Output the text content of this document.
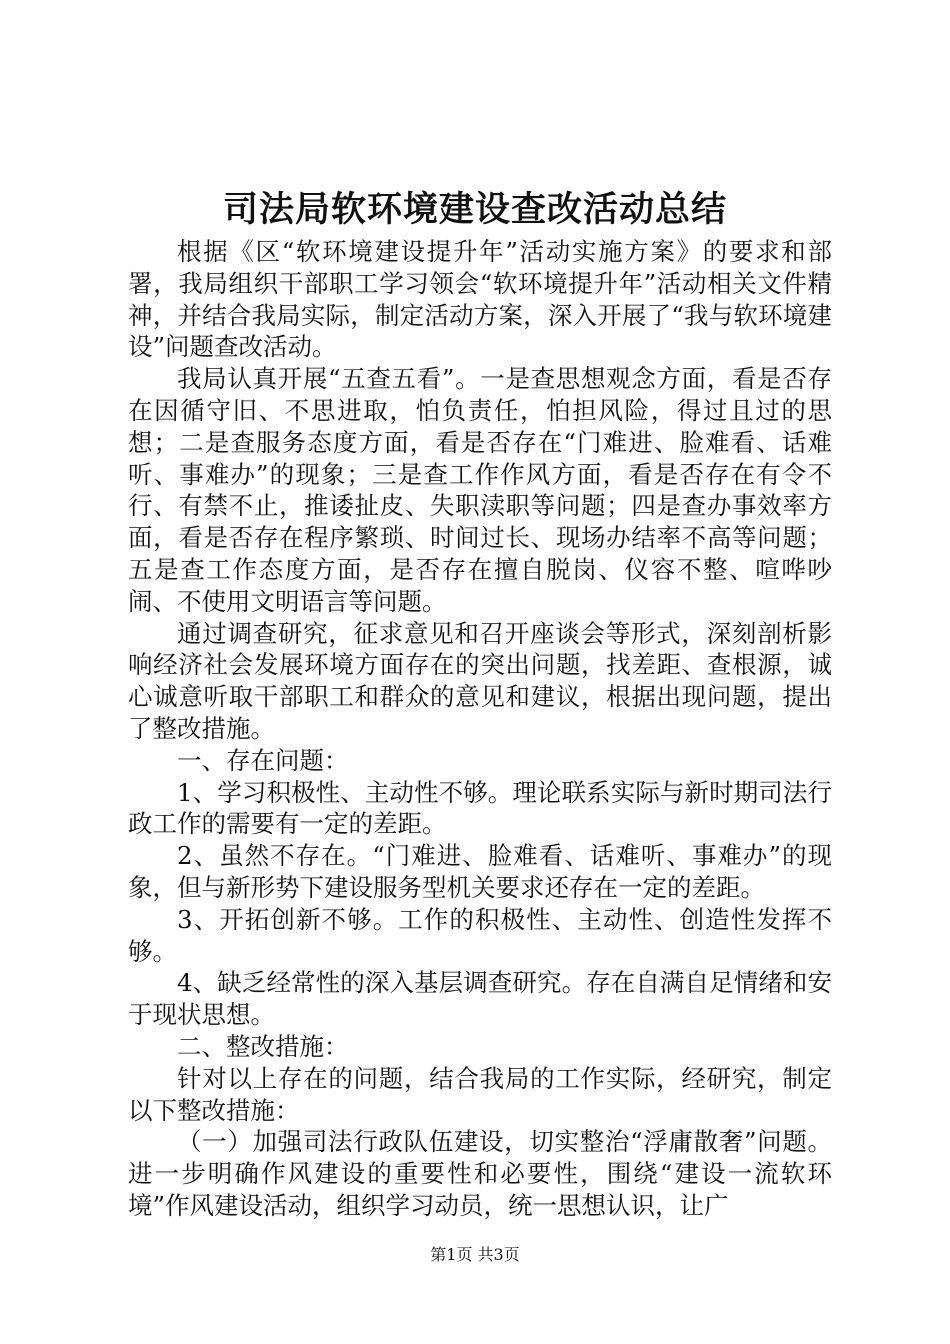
司法局软环境建设查改活动总结

根据《区“软环境建设提升年”活动实施方案》的要求和部署，我局组织干部职工学习领会“软环境提升年”活动相关文件精神，并结合我局实际，制定活动方案，深入开展了“我与软环境建设”问题查改活动。

我局认真开展“五查五看”。一是查思想观念方面，看是否存在因循守旧、不思进取，怕负责任，怕担风险，得过且过的思想；二是查服务态度方面，看是否存在“门难进、脸难看、话难听、事难办”的现象；三是查工作作风方面，看是否存在有令不行、有禁不止，推诿扯皮、失职渎职等问题；四是查办事效率方面，看是否存在程序繁琐、时间过长、现场办结率不高等问题；五是查工作态度方面，是否存在擅自脱岗、仪容不整、喧哗吵闹、不使用文明语言等问题。

通过调查研究，征求意见和召开座谈会等形式，深刻剖析影响经济社会发展环境方面存在的突出问题，找差距、查根源，诚心诚意听取干部职工和群众的意见和建议，根据出现问题，提出了整改措施。

一、存在问题：

1、学习积极性、主动性不够。理论联系实际与新时期司法行政工作的需要有一定的差距。

2、虽然不存在。“门难进、脸难看、话难听、事难办”的现象，但与新形势下建设服务型机关要求还存在一定的差距。

3、开拓创新不够。工作的积极性、主动性、创造性发挥不够。

4、缺乏经常性的深入基层调查研究。存在自满自足情绪和安于现状思想。

二、整改措施：

针对以上存在的问题，结合我局的工作实际，经研究，制定以下整改措施：

（一）加强司法行政队伍建设，切实整治“浮庸散奢”问题。进一步明确作风建设的重要性和必要性，围绕“建设一流软环境”作风建设活动，组织学习动员，统一思想认识，让广

第1页 共3页
